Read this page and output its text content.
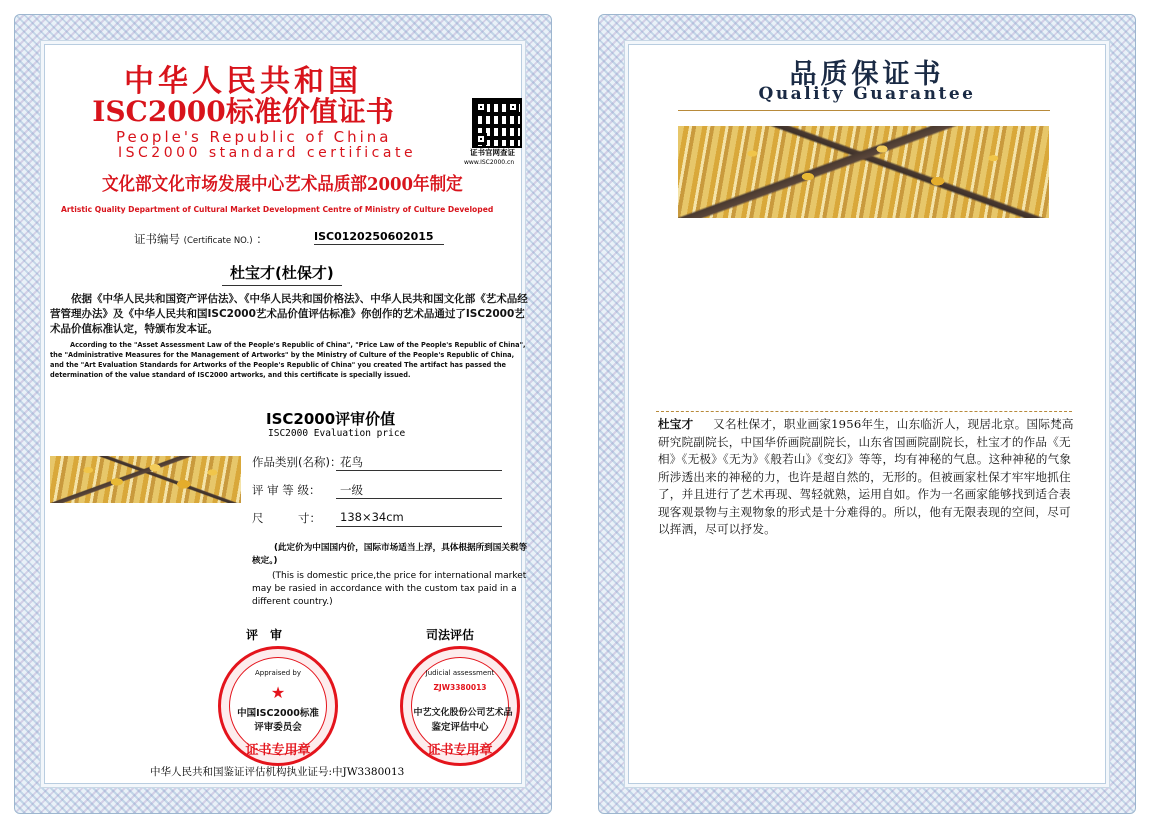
中华人民共和国
ISC2000标准价值证书
People's Republic of China
ISC2000 standard certificate	证书官网查证
www.ISC2000.cn
文化部文化市场发展中心艺术品质部2000年制定
Artistic Quality Department of Cultural Market Development Centre of Ministry of Culture Developed
证书编号 (Certificate NO.) ：	ISC0120250602015
杜宝才(杜保才)
依据《中华人民共和国资产评估法》、《中华人民共和国价格法》、中华人民共和国文化部《艺术品经营管理办法》及《中华人民共和国ISC2000艺术品价值评估标准》你创作的艺术品通过了ISC2000艺术品价值标准认定，特颁布发本证。
According to the "Asset Assessment Law of the People's Republic of China", "Price Law of the People's Republic of China", the "Administrative Measures for the Management of Artworks" by the Ministry of Culture of the People's Republic of China, and the "Art Evaluation Standards for Artworks of the People's Republic of China" you created The artifact has passed the determination of the value standard of ISC2000 artworks, and this certificate is specially issued.
ISC2000评审价值
ISC2000 Evaluation price
作品类别(名称)：
花鸟
评 审 等 级：	一级
尺　　　寸：	138×34cm
(此定价为中国国内价，国际市场适当上浮，具体根据所到国关税等核定。)
(This is domestic price,the price for international market may be rasied in accordance with the custom tax paid in a different country.)
评　审	司法评估
Appraised by
★
中国ISC2000标准
评审委员会
证书专用章
Judicial assessment
ZJW3380013
中艺文化股份公司艺术品
鉴定评估中心
证书专用章
中华人民共和国鉴证评估机构执业证号:中JW3380013
品质保证书
Quality Guarantee
杜宝才 又名杜保才，职业画家1956年生，山东临沂人，现居北京。国际梵高研究院副院长，中国华侨画院副院长，山东省国画院副院长，杜宝才的作品《无相》《无极》《无为》《般若山》《变幻》等等，均有神秘的气息。这种神秘的气象所涉透出来的神秘的力，也许是超自然的，无形的。但被画家杜保才牢牢地抓住了，并且进行了艺术再现、驾轻就熟，运用自如。作为一名画家能够找到适合表现客观景物与主观物象的形式是十分难得的。所以，他有无限表现的空间，尽可以挥洒，尽可以抒发。
